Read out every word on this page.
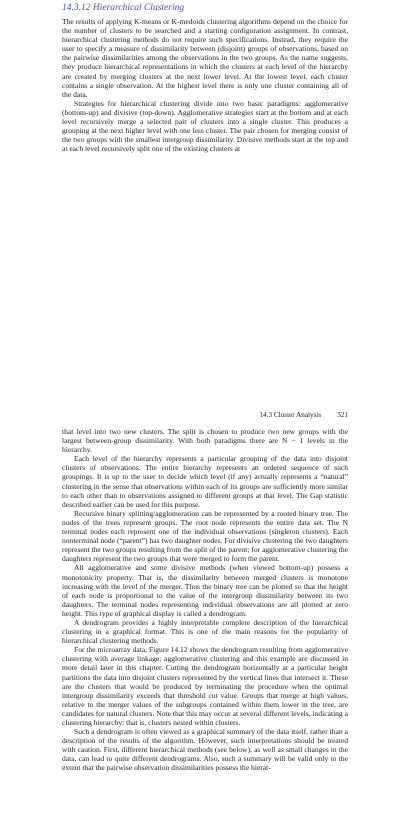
14.3.12 Hierarchical Clustering

The results of applying K-means or K-medoids clustering algorithms depend on the choice for the number of clusters to be searched and a starting configuration assignment. In contrast, hierarchical clustering methods do not require such specifications. Instead, they require the user to specify a measure of dissimilarity between (disjoint) groups of observations, based on the pairwise dissimilarities among the observations in the two groups. As the name suggests, they produce hierarchical representations in which the clusters at each level of the hierarchy are created by merging clusters at the next lower level. At the lowest level, each cluster contains a single observation. At the highest level there is only one cluster containing all of the data.

Strategies for hierarchical clustering divide into two basic paradigms: agglomerative (bottom-up) and divisive (top-down). Agglomerative strategies start at the bottom and at each level recursively merge a selected pair of clusters into a single cluster. This produces a grouping at the next higher level with one less cluster. The pair chosen for merging consist of the two groups with the smallest intergroup dissimilarity. Divisive methods start at the top and at each level recursively split one of the existing clusters at

14.3 Cluster Analysis 521

that level into two new clusters. The split is chosen to produce two new groups with the largest between-group dissimilarity. With both paradigms there are N − 1 levels in the hierarchy.

Each level of the hierarchy represents a particular grouping of the data into disjoint clusters of observations. The entire hierarchy represents an ordered sequence of such groupings. It is up to the user to decide which level (if any) actually represents a “natural” clustering in the sense that observations within each of its groups are sufficiently more similar to each other than to observations assigned to different groups at that level. The Gap statistic described earlier can be used for this purpose.

Recursive binary splitting/agglomeration can be represented by a rooted binary tree. The nodes of the trees represent groups. The root node represents the entire data set. The N terminal nodes each represent one of the individual observations (singleton clusters). Each nonterminal node (“parent”) has two daughter nodes. For divisive clustering the two daughters represent the two groups resulting from the split of the parent; for agglomerative clustering the daughters represent the two groups that were merged to form the parent.

All agglomerative and some divisive methods (when viewed bottom-up) possess a monotonicity property. That is, the dissimilarity between merged clusters is monotone increasing with the level of the merger. Thus the binary tree can be plotted so that the height of each node is proportional to the value of the intergroup dissimilarity between its two daughters. The terminal nodes representing individual observations are all plotted at zero height. This type of graphical display is called a dendrogram.

A dendrogram provides a highly interpretable complete description of the hierarchical clustering in a graphical format. This is one of the main reasons for the popularity of hierarchical clustering methods.

For the microarray data, Figure 14.12 shows the dendrogram resulting from agglomerative clustering with average linkage; agglomerative clustering and this example are discussed in more detail later in this chapter. Cutting the dendrogram horizontally at a particular height partitions the data into disjoint clusters represented by the vertical lines that intersect it. These are the clusters that would be produced by terminating the procedure when the optimal intergroup dissimilarity exceeds that threshold cut value. Groups that merge at high values, relative to the merger values of the subgroups contained within them lower in the tree, are candidates for natural clusters. Note that this may occur at several different levels, indicating a clustering hierarchy: that is, clusters nested within clusters.

Such a dendrogram is often viewed as a graphical summary of the data itself, rather than a description of the results of the algorithm. However, such interpretations should be treated with caution. First, different hierarchical methods (see below), as well as small changes in the data, can lead to quite different dendrograms. Also, such a summary will be valid only to the extent that the pairwise observation dissimilarities possess the hierar-
